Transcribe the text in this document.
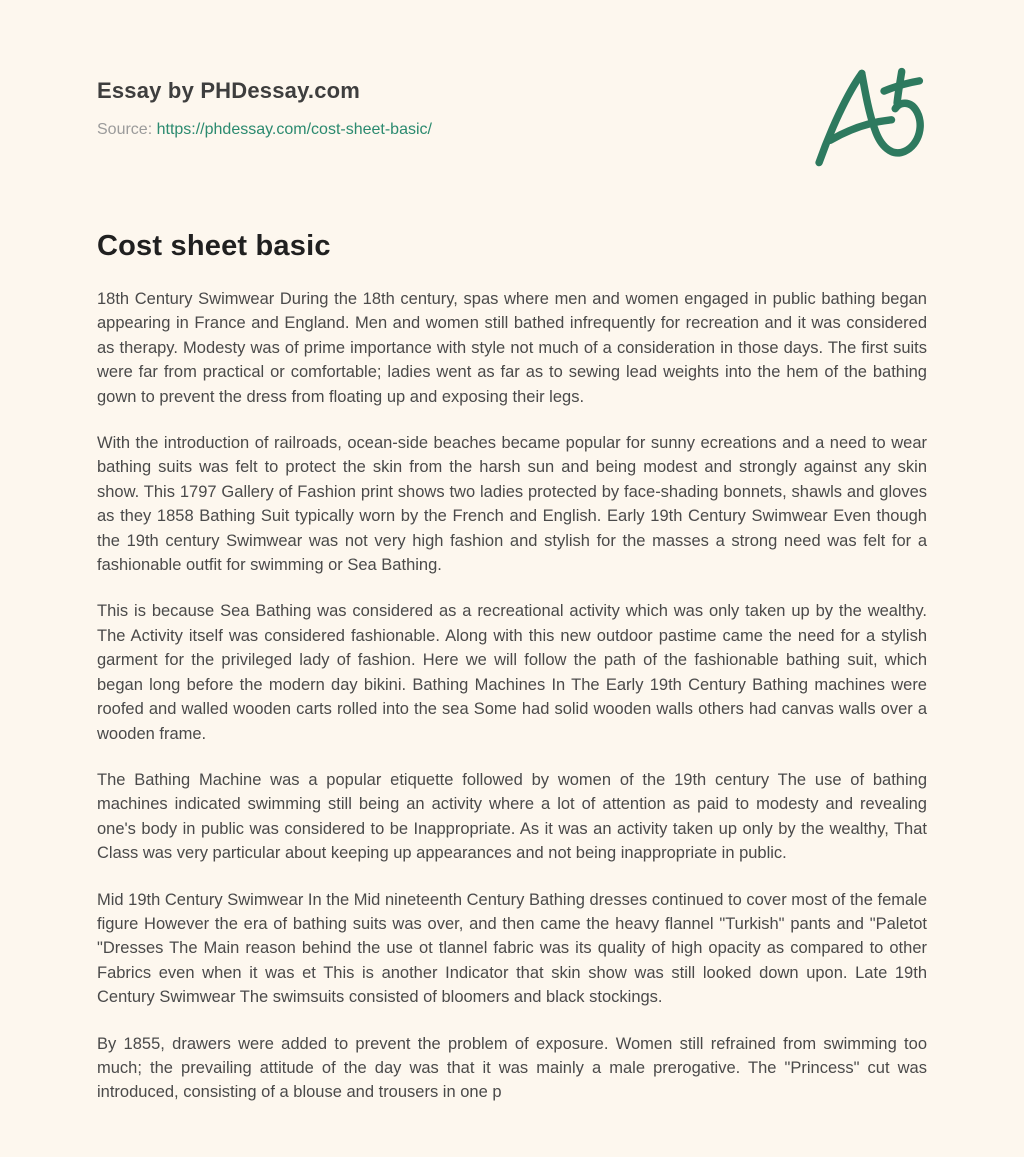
Essay by PHDessay.com
Source: https://phdessay.com/cost-sheet-basic/
Cost sheet basic

18th Century Swimwear During the 18th century, spas where men and women engaged in public bathing began appearing in France and England. Men and women still bathed infrequently for recreation and it was considered as therapy. Modesty was of prime importance with style not much of a consideration in those days. The first suits were far from practical or comfortable; ladies went as far as to sewing lead weights into the hem of the bathing gown to prevent the dress from floating up and exposing their legs.

With the introduction of railroads, ocean-side beaches became popular for sunny ecreations and a need to wear bathing suits was felt to protect the skin from the harsh sun and being modest and strongly against any skin show. This 1797 Gallery of Fashion print shows two ladies protected by face-shading bonnets, shawls and gloves as they 1858 Bathing Suit typically worn by the French and English. Early 19th Century Swimwear Even though the 19th century Swimwear was not very high fashion and stylish for the masses a strong need was felt for a fashionable outfit for swimming or Sea Bathing.

This is because Sea Bathing was considered as a recreational activity which was only taken up by the wealthy. The Activity itself was considered fashionable. Along with this new outdoor pastime came the need for a stylish garment for the privileged lady of fashion. Here we will follow the path of the fashionable bathing suit, which began long before the modern day bikini. Bathing Machines In The Early 19th Century Bathing machines were roofed and walled wooden carts rolled into the sea Some had solid wooden walls others had canvas walls over a wooden frame.

The Bathing Machine was a popular etiquette followed by women of the 19th century The use of bathing machines indicated swimming still being an activity where a lot of attention as paid to modesty and revealing one's body in public was considered to be Inappropriate. As it was an activity taken up only by the wealthy, That Class was very particular about keeping up appearances and not being inappropriate in public.

Mid 19th Century Swimwear In the Mid nineteenth Century Bathing dresses continued to cover most of the female figure However the era of bathing suits was over, and then came the heavy flannel "Turkish" pants and "Paletot "Dresses The Main reason behind the use ot tlannel fabric was its quality of high opacity as compared to other Fabrics even when it was et This is another Indicator that skin show was still looked down upon. Late 19th Century Swimwear The swimsuits consisted of bloomers and black stockings.

By 1855, drawers were added to prevent the problem of exposure. Women still refrained from swimming too much; the prevailing attitude of the day was that it was mainly a male prerogative. The "Princess" cut was introduced, consisting of a blouse and trousers in one p
